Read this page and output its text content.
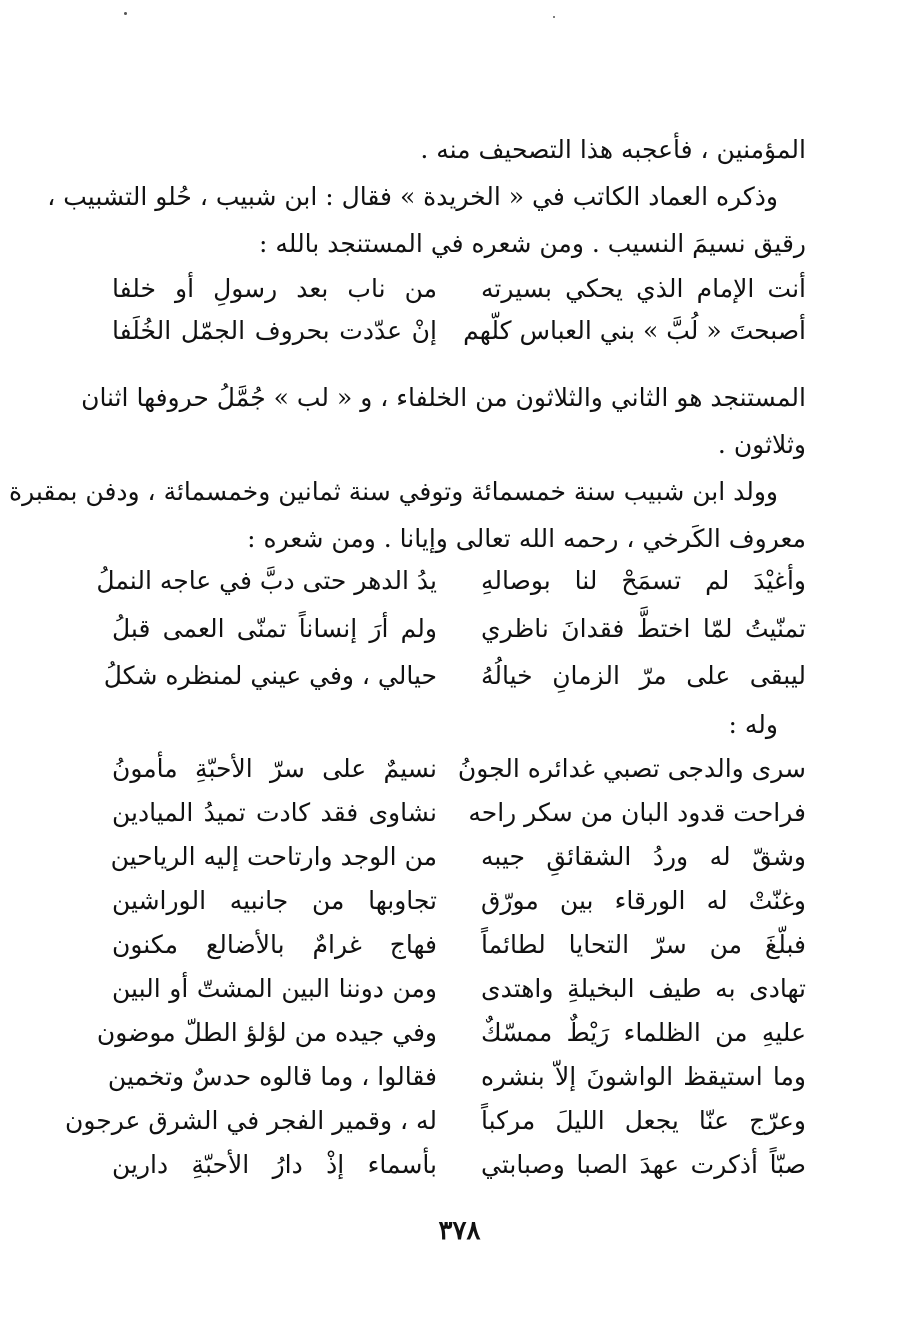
المؤمنين ، فأعجبه هذا التصحيف منه .
وذكره العماد الكاتب في « الخريدة » فقال : ابن شبيب ، حُلو التشبيب ،
رقيق نسيمَ النسيب . ومن شعره في المستنجد بالله :
أنت الإمام الذي يحكي بسيرته
من ناب بعد رسولِ أو خلفا
أصبحتَ « لُبَّ » بني العباس كلّهم
إنْ عدّدت بحروف الجمّل الخُلَفا
المستنجد هو الثاني والثلاثون من الخلفاء ، و « لب » جُمَّلُ حروفها اثنان
وثلاثون .
وولد ابن شبيب سنة خمسمائة وتوفي سنة ثمانين وخمسمائة ، ودفن بمقبرة
معروف الكَرخي ، رحمه الله تعالى وإيانا . ومن شعره :
وأغيْدَ لم تسمَحْ لنا بوصالهِ
يدُ الدهر حتى دبَّ في عاجه النملُ
تمنّيتُ لمّا اختطَّ فقدانَ ناظري
ولم أرَ إنساناً تمنّى العمى قبلُ
ليبقى على مرّ الزمانِ خيالُهُ
حيالي ، وفي عيني لمنظره شكلُ
وله :
سرى والدجى تصبي غدائره الجونُ
نسيمٌ على سرّ الأحبّةِ مأمونُ
فراحت قدود البان من سكر راحه
نشاوى فقد كادت تميدُ الميادين
وشقّ له وردُ الشقائقِ جيبه
من الوجد وارتاحت إليه الرياحين
وغنّتْ له الورقاء بين مورّق
تجاوبها من جانبيه الوراشين
فبلّغَ من سرّ التحايا لطائماً
فهاج غرامٌ بالأضالع مكنون
تهادى به طيف البخيلةِ واهتدى
ومن دوننا البين المشتّ أو البين
عليهِ من الظلماء رَيْطٌ ممسّكٌ
وفي جيده من لؤلؤ الطلّ موضون
وما استيقظ الواشونَ إلاّ بنشره
فقالوا ، وما قالوه حدسٌ وتخمين
وعرّج عنّا يجعل الليلَ مركباً
له ، وقمير الفجر في الشرق عرجون
صبّاً أذكرت عهدَ الصبا وصبابتي
بأسماء إذْ دارُ الأحبّةِ دارين
٣٧٨
